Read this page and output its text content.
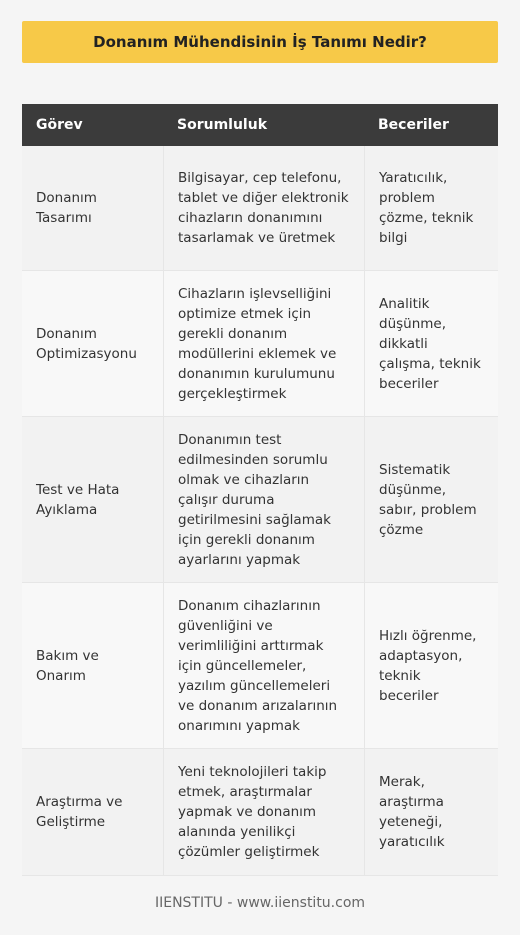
Donanım Mühendisinin İş Tanımı Nedir?
Görev	Sorumluluk	Beceriler
Donanım Tasarımı
Bilgisayar, cep telefonu, tablet ve diğer elektronik cihazların donanımını tasarlamak ve üretmek
Yaratıcılık, problem çözme, teknik bilgi
Donanım Optimizasyonu
Cihazların işlevselliğini optimize etmek için gerekli donanım modüllerini eklemek ve donanımın kurulumunu gerçekleştirmek
Analitik düşünme, dikkatli çalışma, teknik beceriler
Test ve Hata Ayıklama
Donanımın test edilmesinden sorumlu olmak ve cihazların çalışır duruma getirilmesini sağlamak için gerekli donanım ayarlarını yapmak
Sistematik düşünme, sabır, problem çözme
Bakım ve Onarım
Donanım cihazlarının güvenliğini ve verimliliğini arttırmak için güncellemeler, yazılım güncellemeleri ve donanım arızalarının onarımını yapmak
Hızlı öğrenme, adaptasyon, teknik beceriler
Araştırma ve Geliştirme
Yeni teknolojileri takip etmek, araştırmalar yapmak ve donanım alanında yenilikçi çözümler geliştirmek
Merak, araştırma yeteneği, yaratıcılık
IIENSTITU - www.iienstitu.com
